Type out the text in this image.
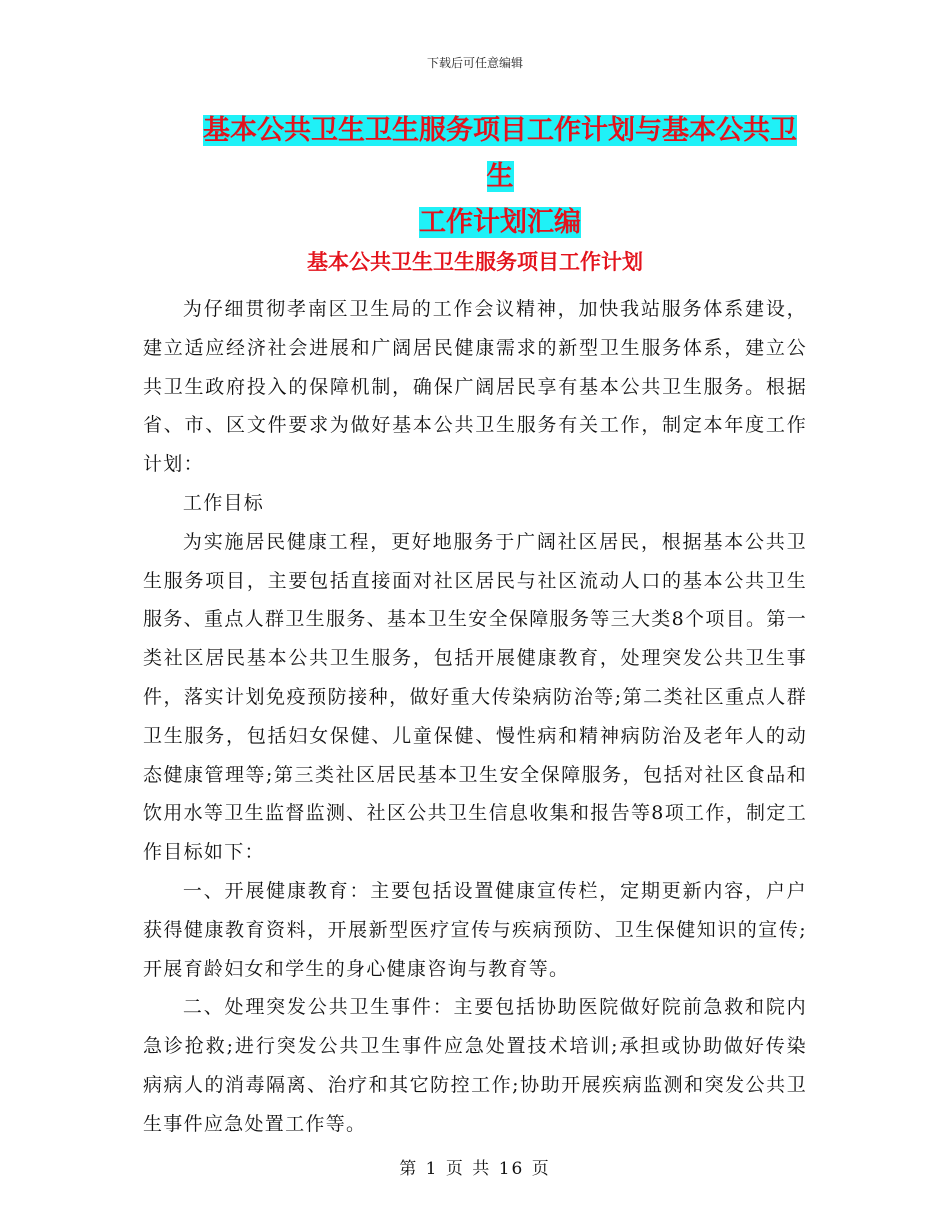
下载后可任意编辑
基本公共卫生卫生服务项目工作计划与基本公共卫生
工作计划汇编
基本公共卫生卫生服务项目工作计划

为仔细贯彻孝南区卫生局的工作会议精神，加快我站服务体系建设，建立适应经济社会进展和广阔居民健康需求的新型卫生服务体系，建立公共卫生政府投入的保障机制，确保广阔居民享有基本公共卫生服务。根据省、市、区文件要求为做好基本公共卫生服务有关工作，制定本年度工作计划：

工作目标

为实施居民健康工程，更好地服务于广阔社区居民，根据基本公共卫生服务项目，主要包括直接面对社区居民与社区流动人口的基本公共卫生服务、重点人群卫生服务、基本卫生安全保障服务等三大类8个项目。第一类社区居民基本公共卫生服务，包括开展健康教育，处理突发公共卫生事件，落实计划免疫预防接种，做好重大传染病防治等;第二类社区重点人群卫生服务，包括妇女保健、儿童保健、慢性病和精神病防治及老年人的动态健康管理等;第三类社区居民基本卫生安全保障服务，包括对社区食品和饮用水等卫生监督监测、社区公共卫生信息收集和报告等8项工作，制定工作目标如下：

一、开展健康教育：主要包括设置健康宣传栏，定期更新内容，户户获得健康教育资料，开展新型医疗宣传与疾病预防、卫生保健知识的宣传;开展育龄妇女和学生的身心健康咨询与教育等。

二、处理突发公共卫生事件：主要包括协助医院做好院前急救和院内急诊抢救;进行突发公共卫生事件应急处置技术培训;承担或协助做好传染病病人的消毒隔离、治疗和其它防控工作;协助开展疾病监测和突发公共卫生事件应急处置工作等。

第 1 页 共 16 页
